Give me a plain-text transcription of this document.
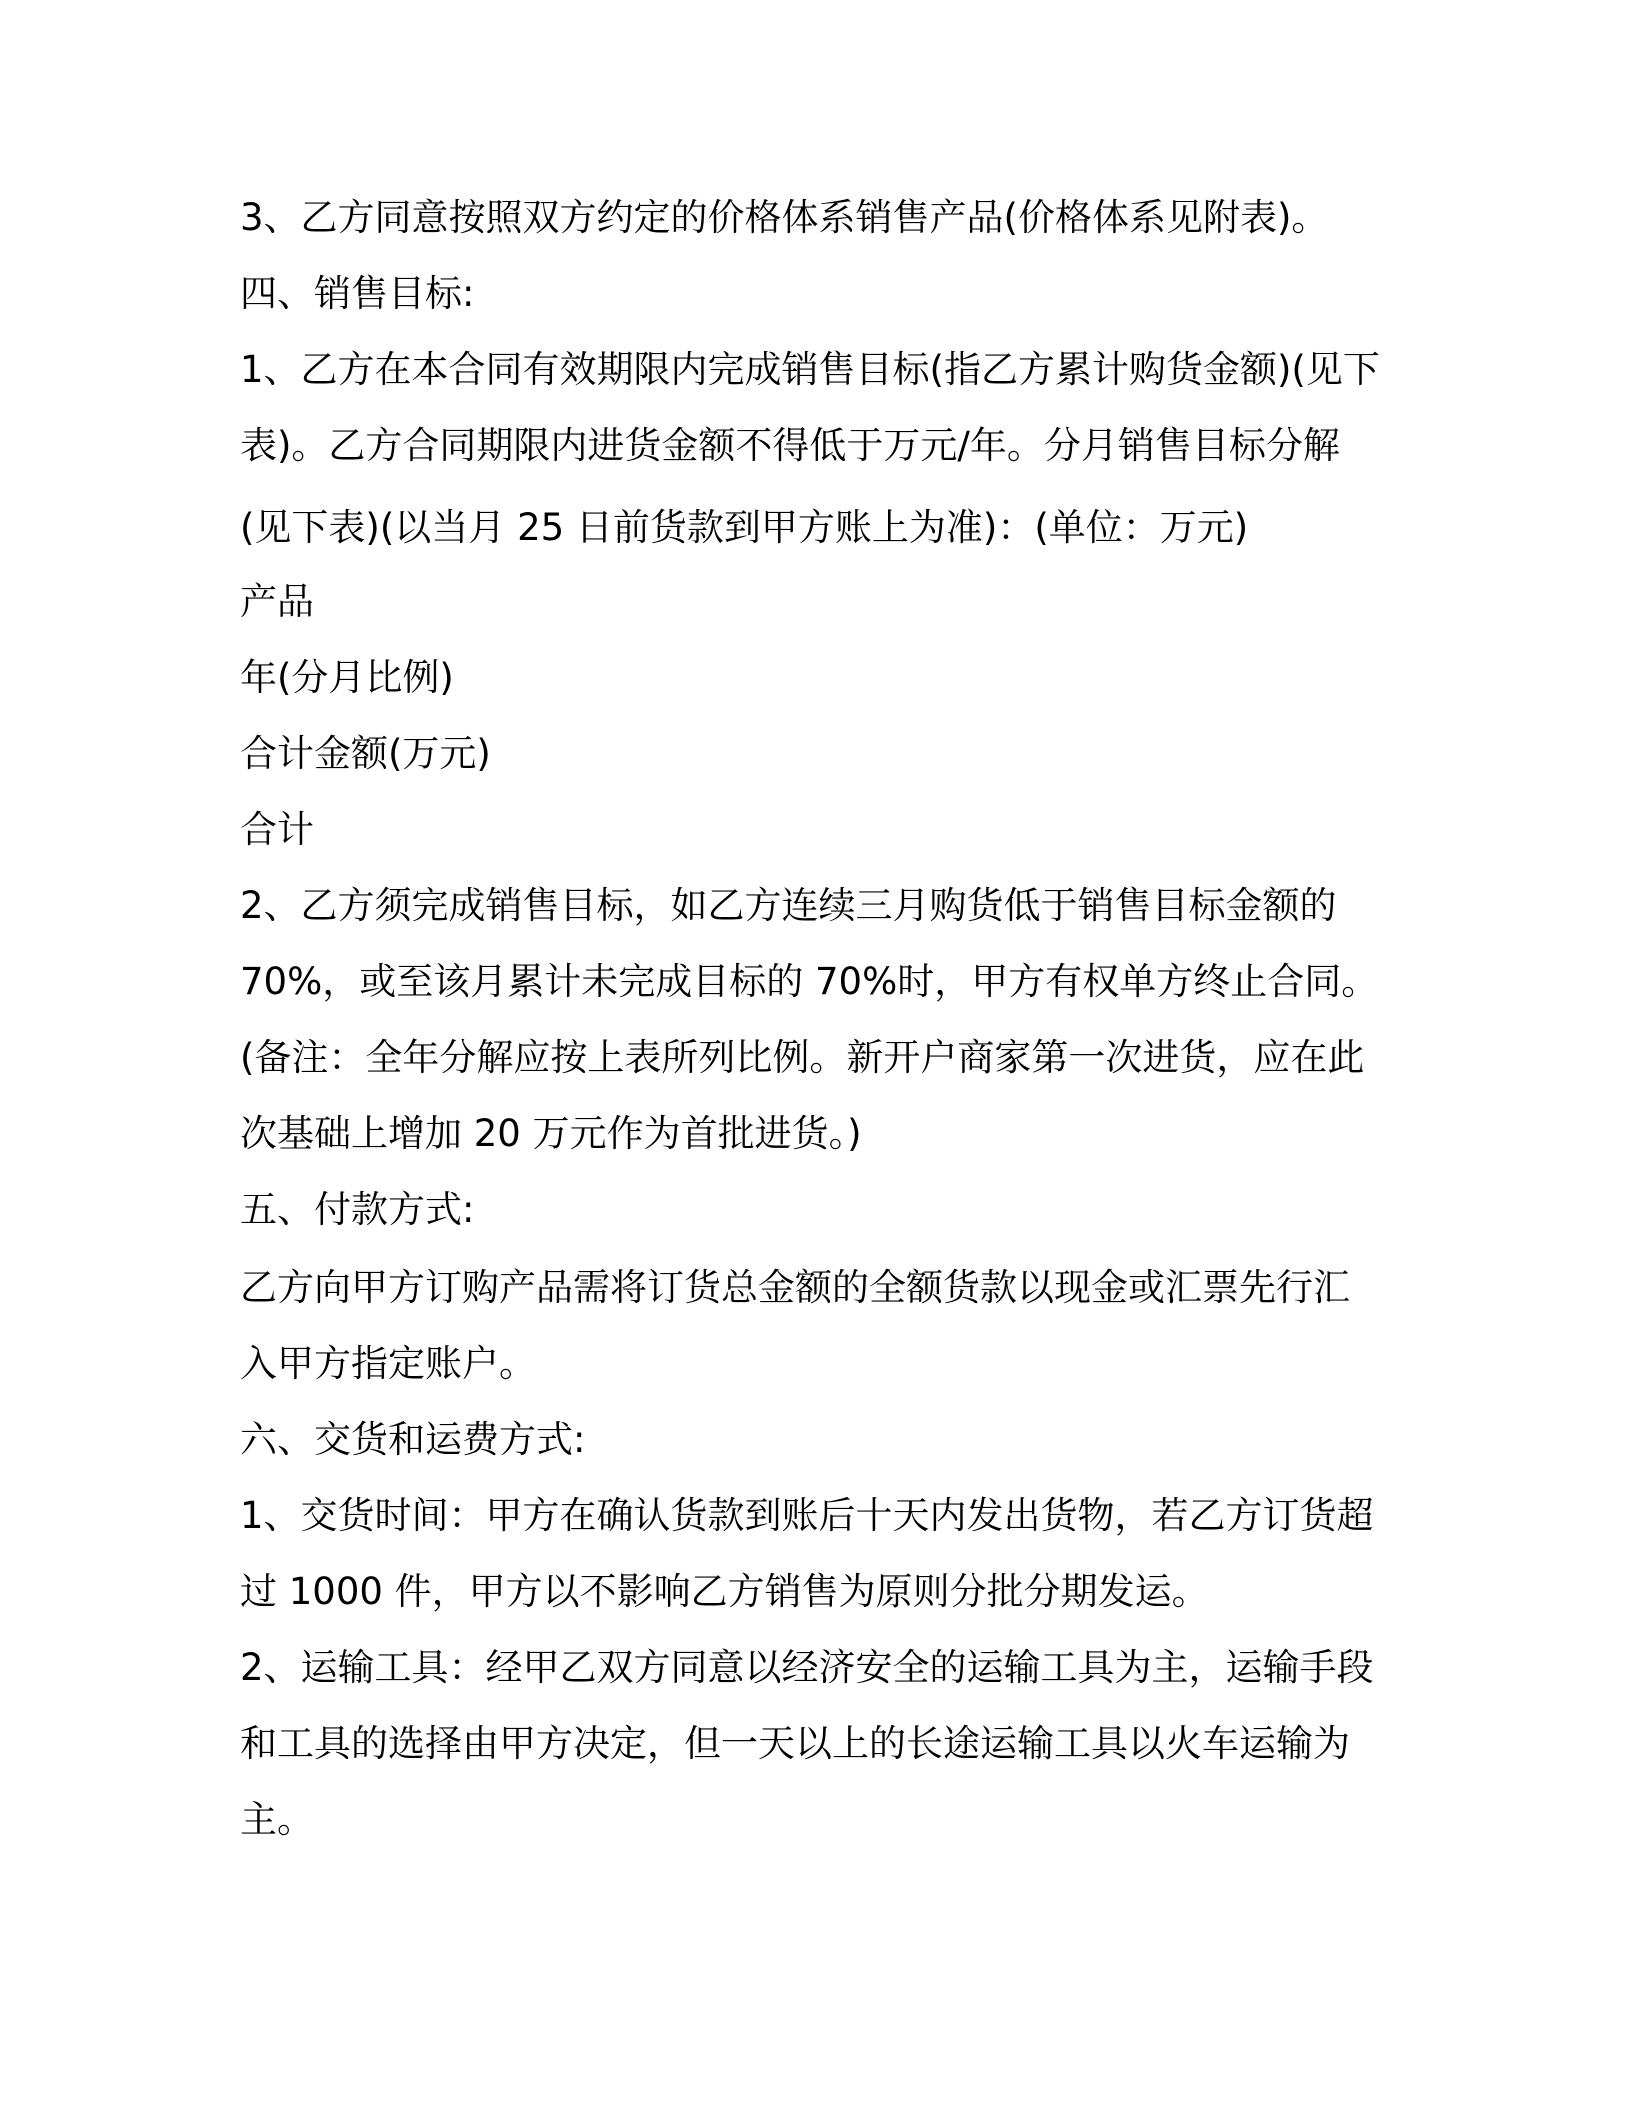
3、乙方同意按照双方约定的价格体系销售产品(价格体系见附表)。
四、销售目标:
1、乙方在本合同有效期限内完成销售目标(指乙方累计购货金额)(见下
表)。乙方合同期限内进货金额不得低于万元/年。分月销售目标分解
(见下表)(以当月 25 日前货款到甲方账上为准)：(单位：万元)
产品
年(分月比例)
合计金额(万元)
合计
2、乙方须完成销售目标，如乙方连续三月购货低于销售目标金额的
70%，或至该月累计未完成目标的 70%时，甲方有权单方终止合同。
(备注：全年分解应按上表所列比例。新开户商家第一次进货，应在此
次基础上增加 20 万元作为首批进货。)
五、付款方式:
乙方向甲方订购产品需将订货总金额的全额货款以现金或汇票先行汇
入甲方指定账户。
六、交货和运费方式:
1、交货时间：甲方在确认货款到账后十天内发出货物，若乙方订货超
过 1000 件，甲方以不影响乙方销售为原则分批分期发运。
2、运输工具：经甲乙双方同意以经济安全的运输工具为主，运输手段
和工具的选择由甲方决定，但一天以上的长途运输工具以火车运输为
主。
